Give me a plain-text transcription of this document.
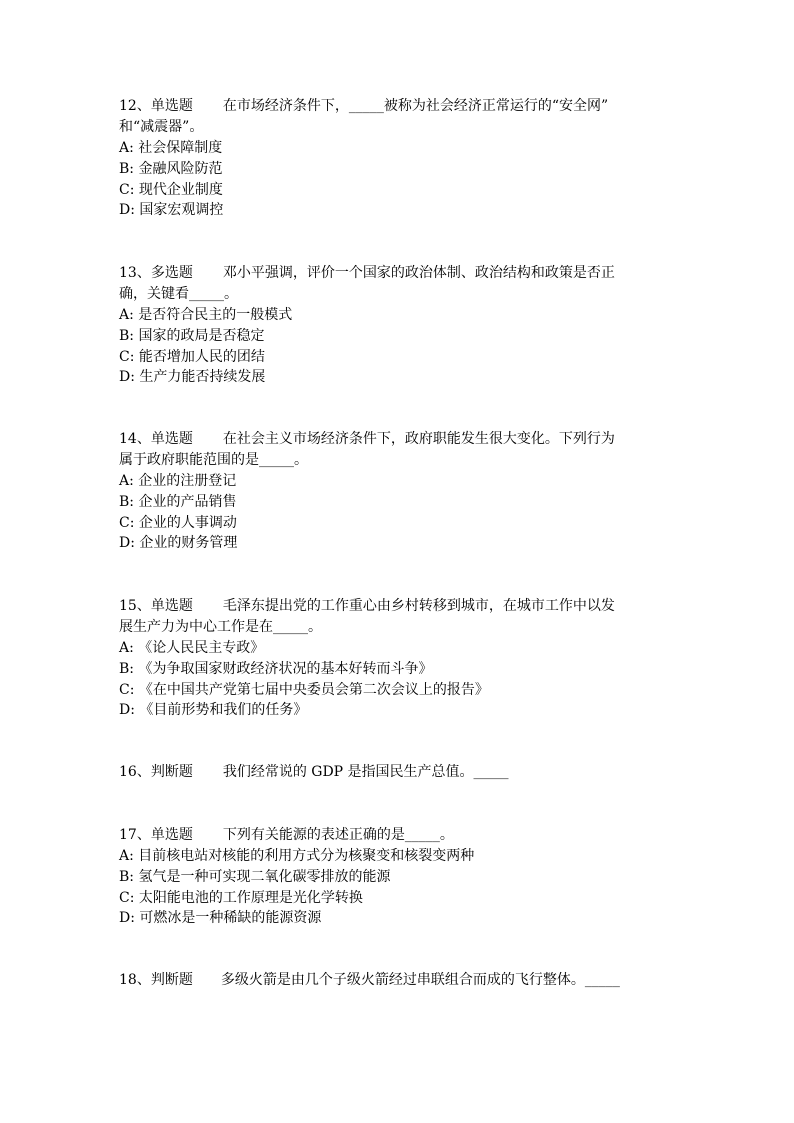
12、单选题 在市场经济条件下，_____被称为社会经济正常运行的“安全网”
和“减震器”。
A: 社会保障制度
B: 金融风险防范
C: 现代企业制度
D: 国家宏观调控
13、多选题 邓小平强调，评价一个国家的政治体制、政治结构和政策是否正
确，关键看_____。
A: 是否符合民主的一般模式
B: 国家的政局是否稳定
C: 能否增加人民的团结
D: 生产力能否持续发展
14、单选题 在社会主义市场经济条件下，政府职能发生很大变化。下列行为
属于政府职能范围的是_____。
A: 企业的注册登记
B: 企业的产品销售
C: 企业的人事调动
D: 企业的财务管理
15、单选题 毛泽东提出党的工作重心由乡村转移到城市，在城市工作中以发
展生产力为中心工作是在_____。
A: 《论人民民主专政》
B: 《为争取国家财政经济状况的基本好转而斗争》
C: 《在中国共产党第七届中央委员会第二次会议上的报告》
D: 《目前形势和我们的任务》
16、判断题 我们经常说的 GDP 是指国民生产总值。_____
17、单选题 下列有关能源的表述正确的是_____。
A: 目前核电站对核能的利用方式分为核聚变和核裂变两种
B: 氢气是一种可实现二氧化碳零排放的能源
C: 太阳能电池的工作原理是光化学转换
D: 可燃冰是一种稀缺的能源资源
18、判断题 多级火箭是由几个子级火箭经过串联组合而成的飞行整体。_____
